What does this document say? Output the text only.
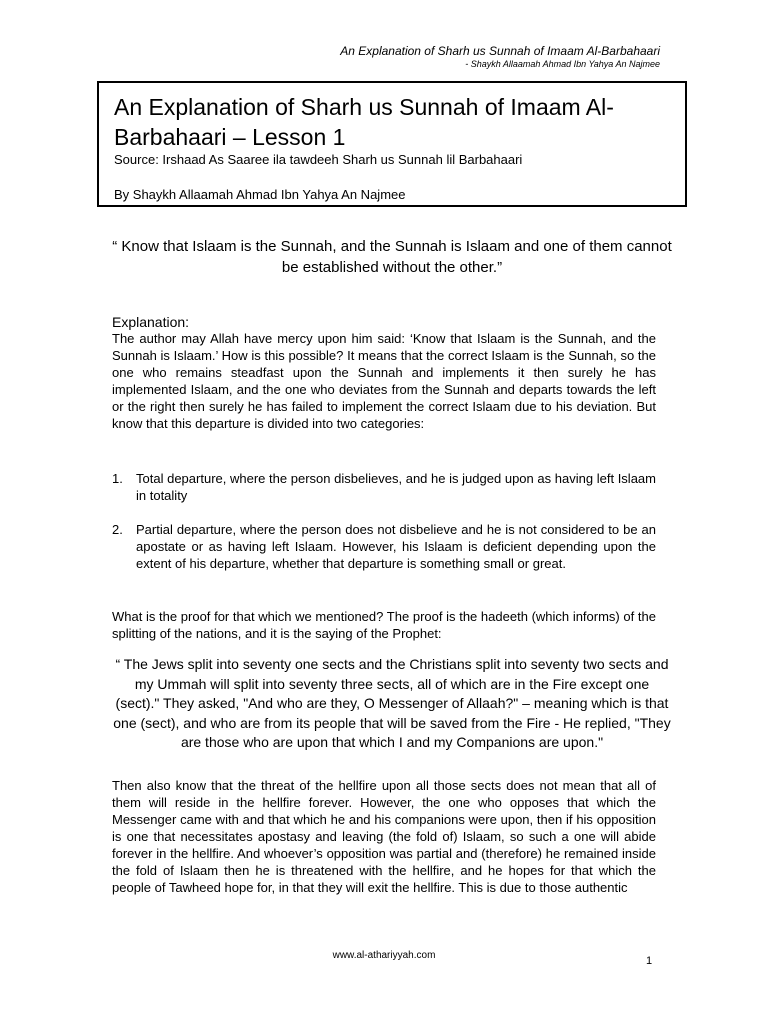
An Explanation of Sharh us Sunnah of Imaam Al-Barbahaari
- Shaykh Allaamah Ahmad Ibn Yahya An Najmee
An Explanation of Sharh us Sunnah of Imaam Al-Barbahaari – Lesson 1
Source: Irshaad As Saaree ila tawdeeh Sharh us Sunnah lil Barbahaari
By Shaykh Allaamah Ahmad Ibn Yahya An Najmee
“ Know that Islaam is the Sunnah, and the Sunnah is Islaam and one of them cannot be established without the other.”
Explanation:
The author may Allah have mercy upon him said: ‘Know that Islaam is the Sunnah, and the Sunnah is Islaam.’ How is this possible? It means that the correct Islaam is the Sunnah, so the one who remains steadfast upon the Sunnah and implements it then surely he has implemented Islaam, and the one who deviates from the Sunnah and departs towards the left or the right then surely he has failed to implement the correct Islaam due to his deviation. But know that this departure is divided into two categories:
1. Total departure, where the person disbelieves, and he is judged upon as having left Islaam in totality
2. Partial departure, where the person does not disbelieve and he is not considered to be an apostate or as having left Islaam. However, his Islaam is deficient depending upon the extent of his departure, whether that departure is something small or great.
What is the proof for that which we mentioned? The proof is the hadeeth (which informs) of the splitting of the nations, and it is the saying of the Prophet:
“ The Jews split into seventy one sects and the Christians split into seventy two sects and my Ummah will split into seventy three sects, all of which are in the Fire except one (sect)." They asked, "And who are they, O Messenger of Allaah?" – meaning which is that one (sect), and who are from its people that will be saved from the Fire - He replied, "They are those who are upon that which I and my Companions are upon."
Then also know that the threat of the hellfire upon all those sects does not mean that all of them will reside in the hellfire forever. However, the one who opposes that which the Messenger came with and that which he and his companions were upon, then if his opposition is one that necessitates apostasy and leaving (the fold of) Islaam, so such a one will abide forever in the hellfire. And whoever’s opposition was partial and (therefore) he remained inside the fold of Islaam then he is threatened with the hellfire, and he hopes for that which the people of Tawheed hope for, in that they will exit the hellfire. This is due to those authentic
www.al-athariyyah.com	1
